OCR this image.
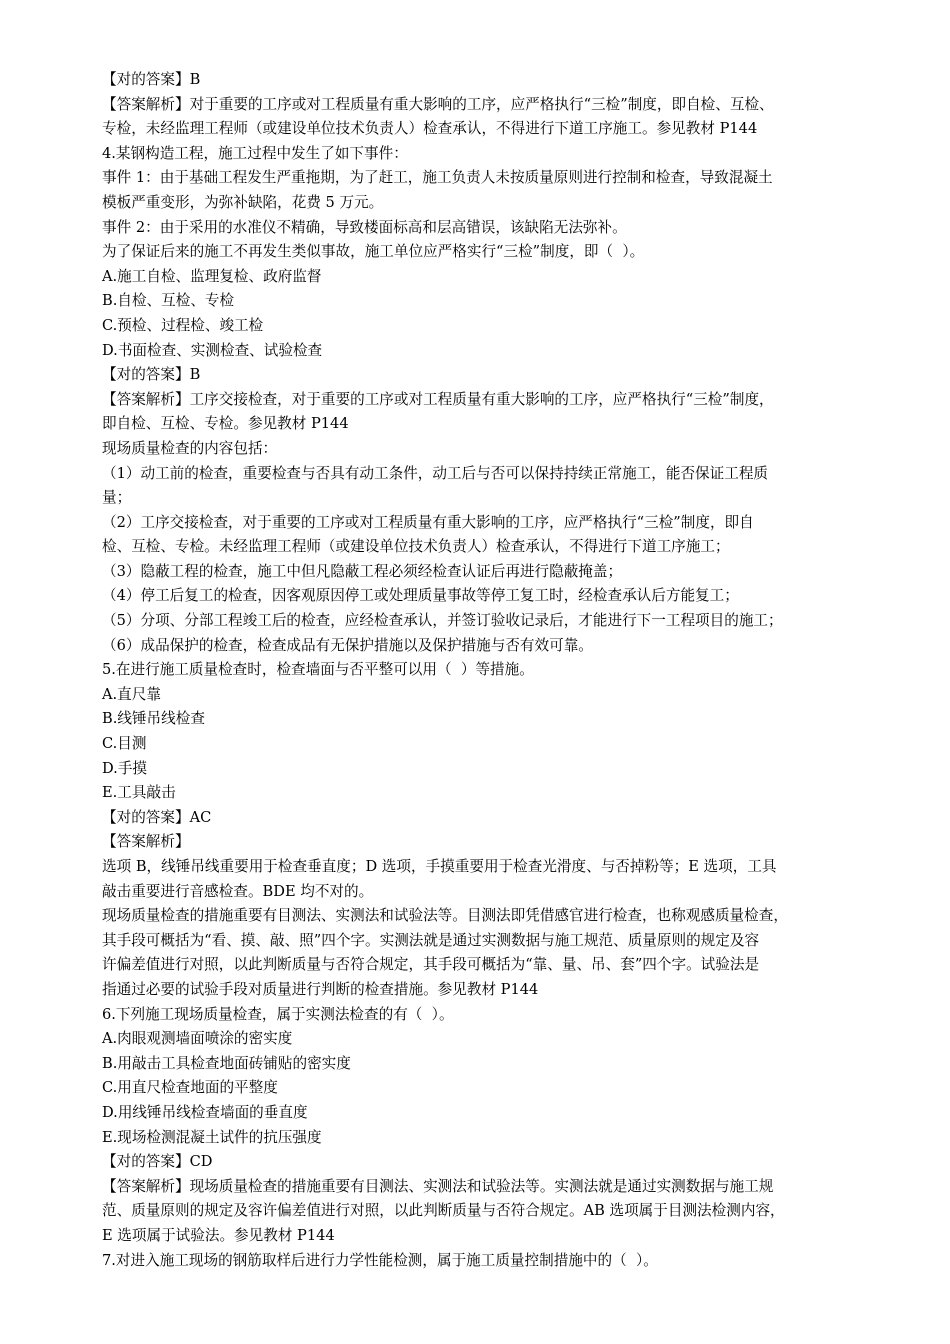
【对的答案】B
【答案解析】对于重要的工序或对工程质量有重大影响的工序，应严格执行“三检”制度，即自检、互检、
专检，未经监理工程师（或建设单位技术负责人）检查承认，不得进行下道工序施工。参见教材 P144
4.某钢构造工程，施工过程中发生了如下事件：
事件 1：由于基础工程发生严重拖期，为了赶工，施工负责人未按质量原则进行控制和检查，导致混凝土
模板严重变形，为弥补缺陷，花费 5 万元。
事件 2：由于采用的水准仪不精确，导致楼面标高和层高错误，该缺陷无法弥补。
为了保证后来的施工不再发生类似事故，施工单位应严格实行“三检”制度，即（  ）。
A.施工自检、监理复检、政府监督
B.自检、互检、专检
C.预检、过程检、竣工检
D.书面检查、实测检查、试验检查
【对的答案】B
【答案解析】工序交接检查，对于重要的工序或对工程质量有重大影响的工序，应严格执行“三检”制度，
即自检、互检、专检。参见教材 P144
现场质量检查的内容包括：
（1）动工前的检查，重要检查与否具有动工条件，动工后与否可以保持持续正常施工，能否保证工程质
量；
（2）工序交接检查，对于重要的工序或对工程质量有重大影响的工序，应严格执行“三检”制度，即自
检、互检、专检。未经监理工程师（或建设单位技术负责人）检查承认，不得进行下道工序施工；
（3）隐蔽工程的检查，施工中但凡隐蔽工程必须经检查认证后再进行隐蔽掩盖；
（4）停工后复工的检查，因客观原因停工或处理质量事故等停工复工时，经检查承认后方能复工；
（5）分项、分部工程竣工后的检查，应经检查承认，并签订验收记录后，才能进行下一工程项目的施工；
（6）成品保护的检查，检查成品有无保护措施以及保护措施与否有效可靠。
5.在进行施工质量检查时，检查墙面与否平整可以用（  ）等措施。
A.直尺靠
B.线锤吊线检查
C.目测
D.手摸
E.工具敲击
【对的答案】AC
【答案解析】
选项 B，线锤吊线重要用于检查垂直度；D 选项，手摸重要用于检查光滑度、与否掉粉等；E 选项，工具
敲击重要进行音感检查。BDE 均不对的。
现场质量检查的措施重要有目测法、实测法和试验法等。目测法即凭借感官进行检查，也称观感质量检查，
其手段可概括为“看、摸、敲、照”四个字。实测法就是通过实测数据与施工规范、质量原则的规定及容
许偏差值进行对照，以此判断质量与否符合规定，其手段可概括为“靠、量、吊、套”四个字。试验法是
指通过必要的试验手段对质量进行判断的检查措施。参见教材 P144
6.下列施工现场质量检查，属于实测法检查的有（  ）。
A.肉眼观测墙面喷涂的密实度
B.用敲击工具检查地面砖铺贴的密实度
C.用直尺检查地面的平整度
D.用线锤吊线检查墙面的垂直度
E.现场检测混凝土试件的抗压强度
【对的答案】CD
【答案解析】现场质量检查的措施重要有目测法、实测法和试验法等。实测法就是通过实测数据与施工规
范、质量原则的规定及容许偏差值进行对照，以此判断质量与否符合规定。AB 选项属于目测法检测内容，
E 选项属于试验法。参见教材 P144
7.对进入施工现场的钢筋取样后进行力学性能检测，属于施工质量控制措施中的（  ）。
